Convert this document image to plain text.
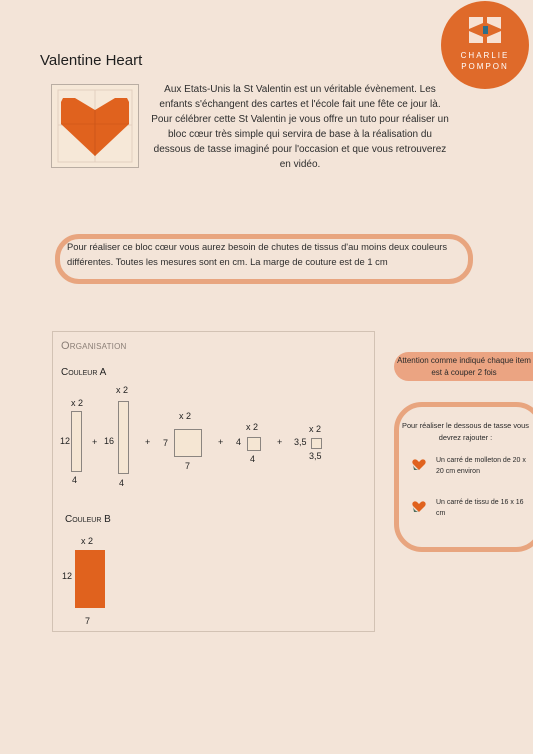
CHARLIE
POMPON
Valentine Heart
Aux Etats-Unis la St Valentin est un véritable évènement. Les enfants s'échangent des cartes et l'école fait une fête ce jour là. Pour célébrer cette St Valentin je vous offre un tuto pour réaliser un bloc cœur très simple qui servira de base à la réalisation du dessous de tasse imaginé pour l'occasion et que vous retrouverez en vidéo.
Pour réaliser ce bloc cœur vous aurez besoin de chutes de tissus d'au moins deux couleurs différentes. Toutes les mesures sont en cm. La marge de couture est de 1 cm
Organisation
Couleur A
x 2
12
4
+
x 2
16
4
+
x 2
7
7
+
x 2
4
4
+
x 2
3,5
3,5
Couleur B
x 2
12
7
Attention comme indiqué chaque item est à couper 2 fois
Pour réaliser le dessous de tasse vous devrez rajouter :
Un carré de molleton de 20 x 20 cm environ
Un carré de tissu de 16 x 16 cm
